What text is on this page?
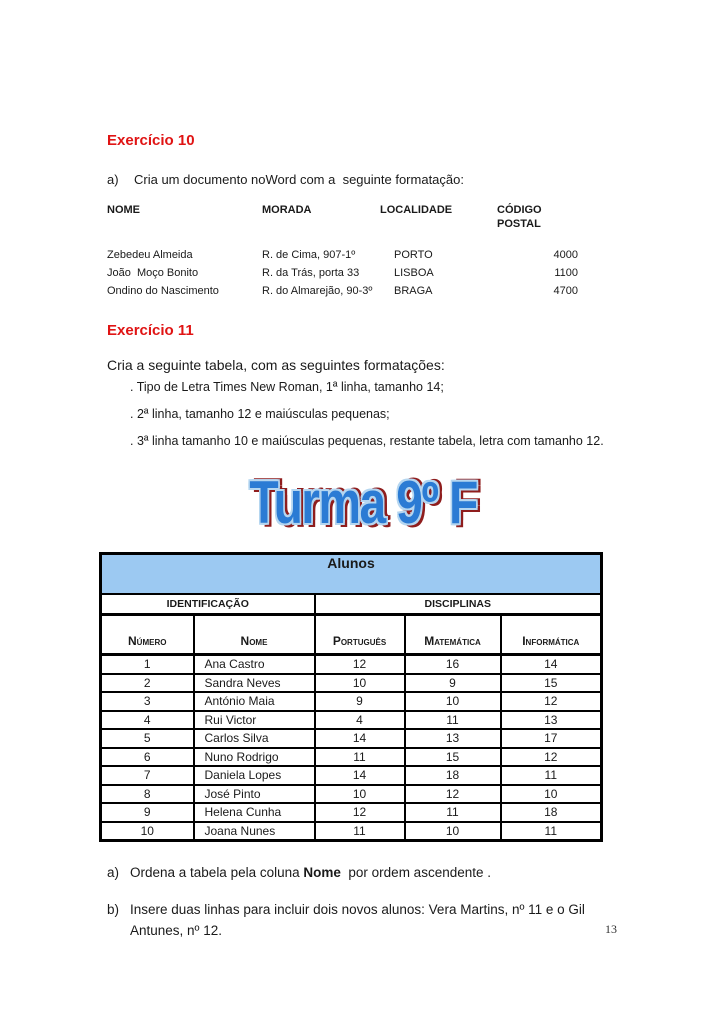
Exercício 10
a)	Cria um documento noWord com a  seguinte formatação:
NOME	MORADA	LOCALIDADE	CÓDIGO POSTAL
Zebedeu Almeida	R. de Cima, 907-1º	PORTO	4000
João  Moço Bonito	R. da Trás, porta 33	LISBOA	1100
Ondino do Nascimento	R. do Almarejão, 90-3º	BRAGA	4700
Exercício 11

Cria a seguinte tabela, com as seguintes formatações:

. Tipo de Letra Times New Roman, 1ª linha, tamanho 14;

. 2ª linha, tamanho 12 e maiúsculas pequenas;

. 3ª linha tamanho 10 e maiúsculas pequenas, restante tabela, letra com tamanho 12.

Turma 9º F
Alunos				
IDENTIFICAÇÃO		DISCIPLINAS		
Número	Nome	Português	Matemática	Informática
1	Ana Castro	12	16	14
2	Sandra Neves	10	9	15
3	António Maia	9	10	12
4	Rui Victor	4	11	13
5	Carlos Silva	14	13	17
6	Nuno Rodrigo	11	15	12
7	Daniela Lopes	14	18	11
8	José Pinto	10	12	10
9	Helena Cunha	12	11	18
10	Joana Nunes	11	10	11
a) Ordena a tabela pela coluna Nome  por ordem ascendente .
b) Insere duas linhas para incluir dois novos alunos: Vera Martins, nº 11 e o Gil Antunes, nº 12.	13
